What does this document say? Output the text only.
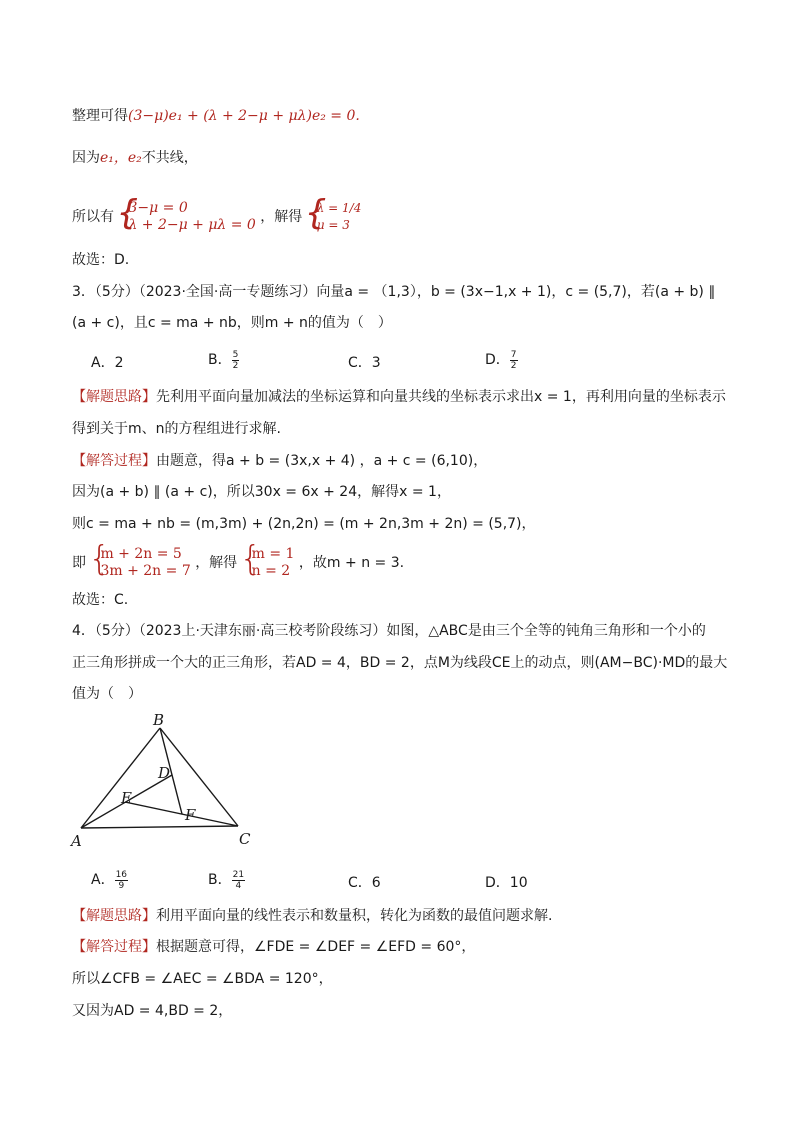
整理可得(3−μ)e₁ + (λ + 2−μ + μλ)e₂ = 0.
因为e₁，e₂不共线，
所以有
{ 3−μ = 0
λ + 2−μ + μλ = 0 ，解得
{ λ = 1/4
μ = 3
故选：D.
3．（5分）（2023·全国·高一专题练习）向量a = （1,3），b = (3x−1,x + 1)，c = (5,7)，若(a + b) ∥
(a + c)，且c = ma + nb，则m + n的值为（　）
A．2	B． $\frac{5}{2}$	C．3	D． $\frac{7}{2}$
【解题思路】先利用平面向量加减法的坐标运算和向量共线的坐标表示求出x = 1，再利用向量的坐标表示
得到关于m、n的方程组进行求解.
【解答过程】由题意，得a + b = (3x,x + 4) ，a + c = (6,10)，
因为(a + b) ∥ (a + c)，所以30x = 6x + 24，解得x = 1，
则c = ma + nb = (m,3m) + (2n,2n) = (m + 2n,3m + 2n) = (5,7)，
即
{ m + 2n = 5
3m + 2n = 7 ，解得
{ m = 1
n = 2 ，故m + n = 3.
故选：C.
4．（5分）（2023上·天津东丽·高三校考阶段练习）如图，△ABC是由三个全等的钝角三角形和一个小的
正三角形拼成一个大的正三角形，若AD = 4，BD = 2，点M为线段CE上的动点，则(AM−BC)·MD的最大
值为（　）
B
D
E
F
A	C
A． $\frac{16}{9}$	B． $\frac{21}{4}$	C．6	D．10
【解题思路】利用平面向量的线性表示和数量积，转化为函数的最值问题求解.
【解答过程】根据题意可得，∠FDE = ∠DEF = ∠EFD = 60°，
所以∠CFB = ∠AEC = ∠BDA = 120°，
又因为AD = 4,BD = 2，
